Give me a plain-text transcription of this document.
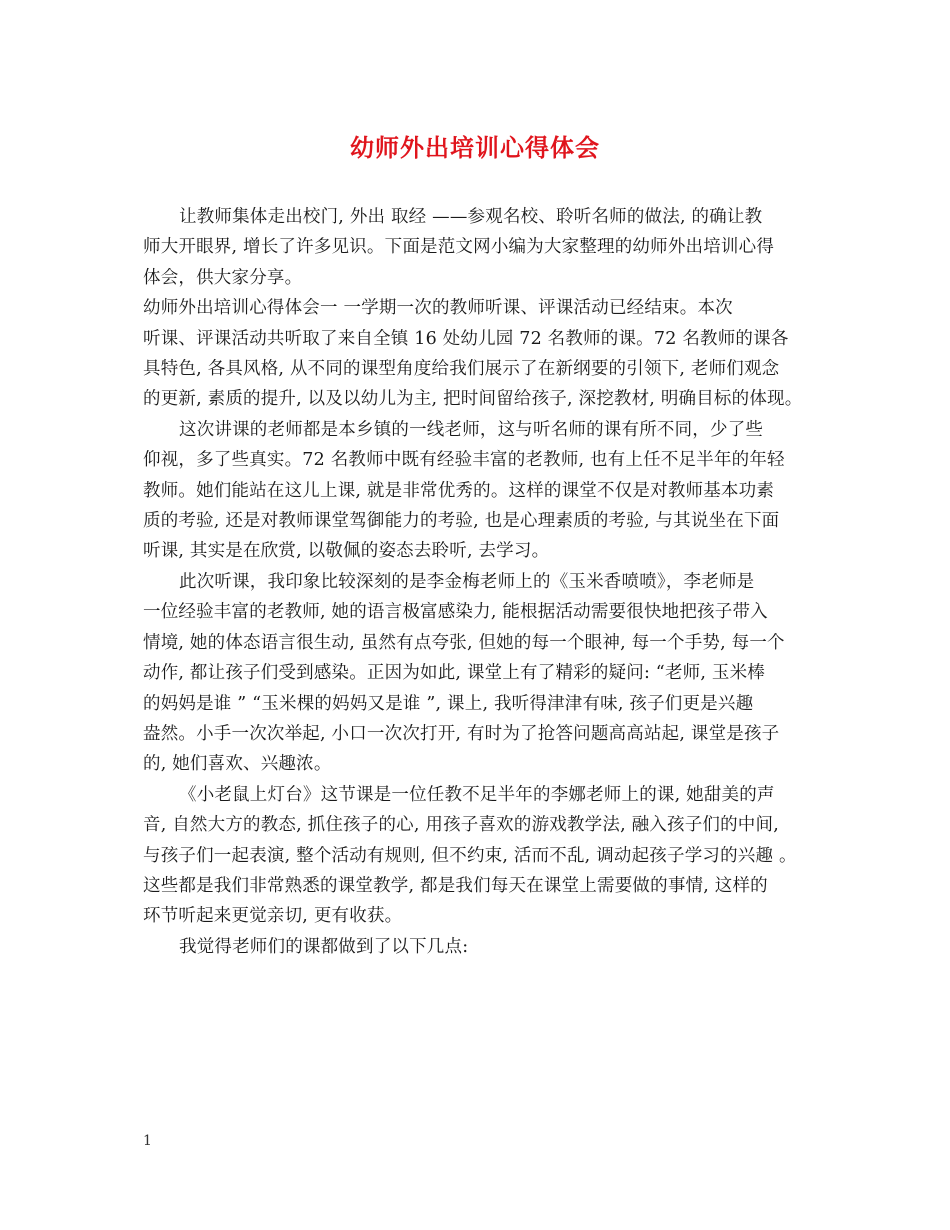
幼师外出培训心得体会
让教师集体走出校门, 外出 取经 ——参观名校、聆听名师的做法, 的确让教
师大开眼界, 增长了许多见识。下面是范文网小编为大家整理的幼师外出培训心得
体会，供大家分享。
幼师外出培训心得体会一 一学期一次的教师听课、评课活动已经结束。本次
听课、评课活动共听取了来自全镇 16 处幼儿园 72 名教师的课。72 名教师的课各
具特色, 各具风格, 从不同的课型角度给我们展示了在新纲要的引领下, 老师们观念
的更新, 素质的提升, 以及以幼儿为主, 把时间留给孩子, 深挖教材, 明确目标的体现。
这次讲课的老师都是本乡镇的一线老师，这与听名师的课有所不同，少了些
仰视，多了些真实。72 名教师中既有经验丰富的老教师, 也有上任不足半年的年轻
教师。她们能站在这儿上课, 就是非常优秀的。这样的课堂不仅是对教师基本功素
质的考验, 还是对教师课堂驾御能力的考验, 也是心理素质的考验, 与其说坐在下面
听课, 其实是在欣赏, 以敬佩的姿态去聆听, 去学习。
此次听课，我印象比较深刻的是李金梅老师上的《玉米香喷喷》，李老师是
一位经验丰富的老教师, 她的语言极富感染力, 能根据活动需要很快地把孩子带入
情境, 她的体态语言很生动, 虽然有点夸张, 但她的每一个眼神, 每一个手势, 每一个
动作, 都让孩子们受到感染。正因为如此, 课堂上有了精彩的疑问: “老师, 玉米棒
的妈妈是谁 ” “玉米棵的妈妈又是谁 ”, 课上, 我听得津津有味, 孩子们更是兴趣
盎然。小手一次次举起, 小口一次次打开, 有时为了抢答问题高高站起, 课堂是孩子
的, 她们喜欢、兴趣浓。
《小老鼠上灯台》这节课是一位任教不足半年的李娜老师上的课, 她甜美的声
音, 自然大方的教态, 抓住孩子的心, 用孩子喜欢的游戏教学法, 融入孩子们的中间,
与孩子们一起表演, 整个活动有规则, 但不约束, 活而不乱, 调动起孩子学习的兴趣 。
这些都是我们非常熟悉的课堂教学, 都是我们每天在课堂上需要做的事情, 这样的
环节听起来更觉亲切, 更有收获。
我觉得老师们的课都做到了以下几点:
1
